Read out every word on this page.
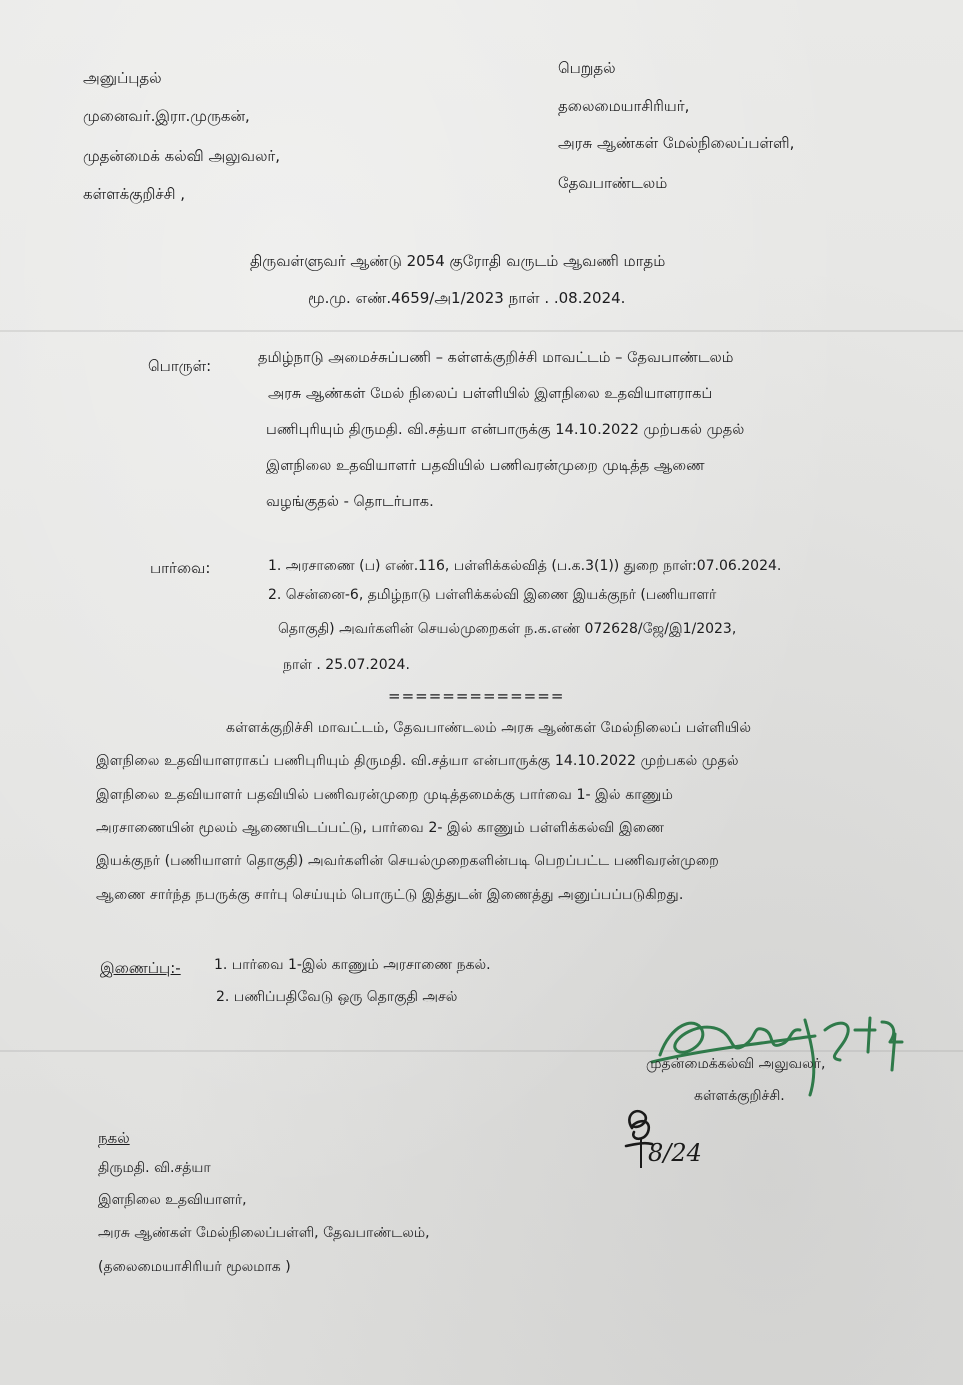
அனுப்புதல்
முனைவர்.இரா.முருகன்,
முதன்மைக் கல்வி அலுவலர்,
கள்ளக்குறிச்சி ,
பெறுதல்
தலைமையாசிரியர்,
அரசு ஆண்கள் மேல்நிலைப்பள்ளி,
தேவபாண்டலம்
திருவள்ளுவர் ஆண்டு 2054 குரோதி வருடம் ஆவணி மாதம்
மூ.மு. எண்.4659/அ1/2023 நாள் . .08.2024.
பொருள்:	தமிழ்நாடு அமைச்சுப்பணி – கள்ளக்குறிச்சி மாவட்டம் – தேவபாண்டலம்
அரசு ஆண்கள் மேல் நிலைப் பள்ளியில் இளநிலை உதவியாளராகப்
பணிபுரியும் திருமதி. வி.சத்யா என்பாருக்கு 14.10.2022 முற்பகல் முதல்
இளநிலை உதவியாளர் பதவியில் பணிவரன்முறை முடித்த ஆணை
வழங்குதல் - தொடர்பாக.
பார்வை:	1. அரசாணை (ப) எண்.116, பள்ளிக்கல்வித் (ப.க.3(1)) துறை நாள்:07.06.2024.
2. சென்னை-6, தமிழ்நாடு பள்ளிக்கல்வி இணை இயக்குநர் (பணியாளர்
தொகுதி) அவர்களின் செயல்முறைகள் ந.க.எண் 072628/ஜே/இ1/2023,
நாள் . 25.07.2024.
=============
கள்ளக்குறிச்சி மாவட்டம், தேவபாண்டலம் அரசு ஆண்கள் மேல்நிலைப் பள்ளியில்
இளநிலை உதவியாளராகப் பணிபுரியும் திருமதி. வி.சத்யா என்பாருக்கு 14.10.2022 முற்பகல் முதல்
இளநிலை உதவியாளர் பதவியில் பணிவரன்முறை முடித்தமைக்கு பார்வை 1- இல் காணும்
அரசாணையின் மூலம் ஆணையிடப்பட்டு, பார்வை 2- இல் காணும் பள்ளிக்கல்வி இணை
இயக்குநர் (பணியாளர் தொகுதி) அவர்களின் செயல்முறைகளின்படி பெறப்பட்ட பணிவரன்முறை
ஆணை சார்ந்த நபருக்கு சார்பு செய்யும் பொருட்டு இத்துடன் இணைத்து அனுப்பப்படுகிறது.
இணைப்பு:- 1. பார்வை 1-இல் காணும் அரசாணை நகல்.
2. பணிப்பதிவேடு ஒரு தொகுதி அசல்
முதன்மைக்கல்வி அலுவலர்,
கள்ளக்குறிச்சி.
8/24
நகல்
திருமதி. வி.சத்யா
இளநிலை உதவியாளர்,
அரசு ஆண்கள் மேல்நிலைப்பள்ளி, தேவபாண்டலம்,
(தலைமையாசிரியர் மூலமாக )
